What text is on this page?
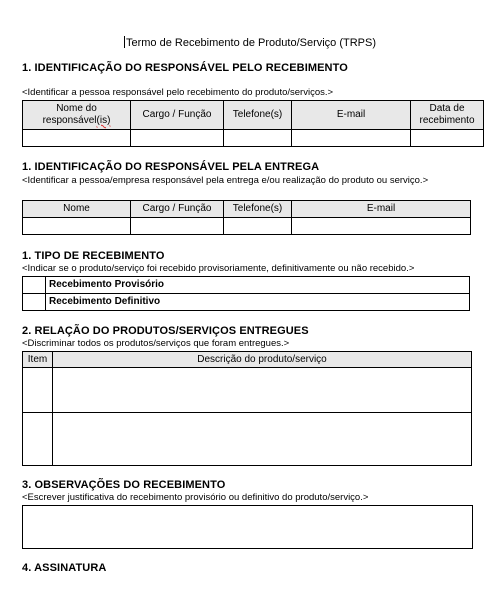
Termo de Recebimento de Produto/Serviço (TRPS)
1. IDENTIFICAÇÃO DO RESPONSÁVEL PELO RECEBIMENTO
<Identificar a pessoa responsável pelo recebimento do produto/serviços.>
Nome do responsável(is)	Cargo / Função	Telefone(s)	E-mail	Data de recebimento

1. IDENTIFICAÇÃO DO RESPONSÁVEL PELA ENTREGA
<Identificar a pessoa/empresa responsável pela entrega e/ou realização do produto ou serviço.>
Nome	Cargo / Função	Telefone(s)	E-mail

1. TIPO DE RECEBIMENTO
<Indicar se o produto/serviço foi recebido provisoriamente, definitivamente ou não recebido.>
	Recebimento Provisório
	Recebimento Definitivo
2. RELAÇÃO DO PRODUTOS/SERVIÇOS ENTREGUES
<Discriminar todos os produtos/serviços que foram entregues.>
Item	Descrição do produto/serviço

3. OBSERVAÇÕES DO RECEBIMENTO
<Escrever justificativa do recebimento provisório ou definitivo do produto/serviço.>
4. ASSINATURA
